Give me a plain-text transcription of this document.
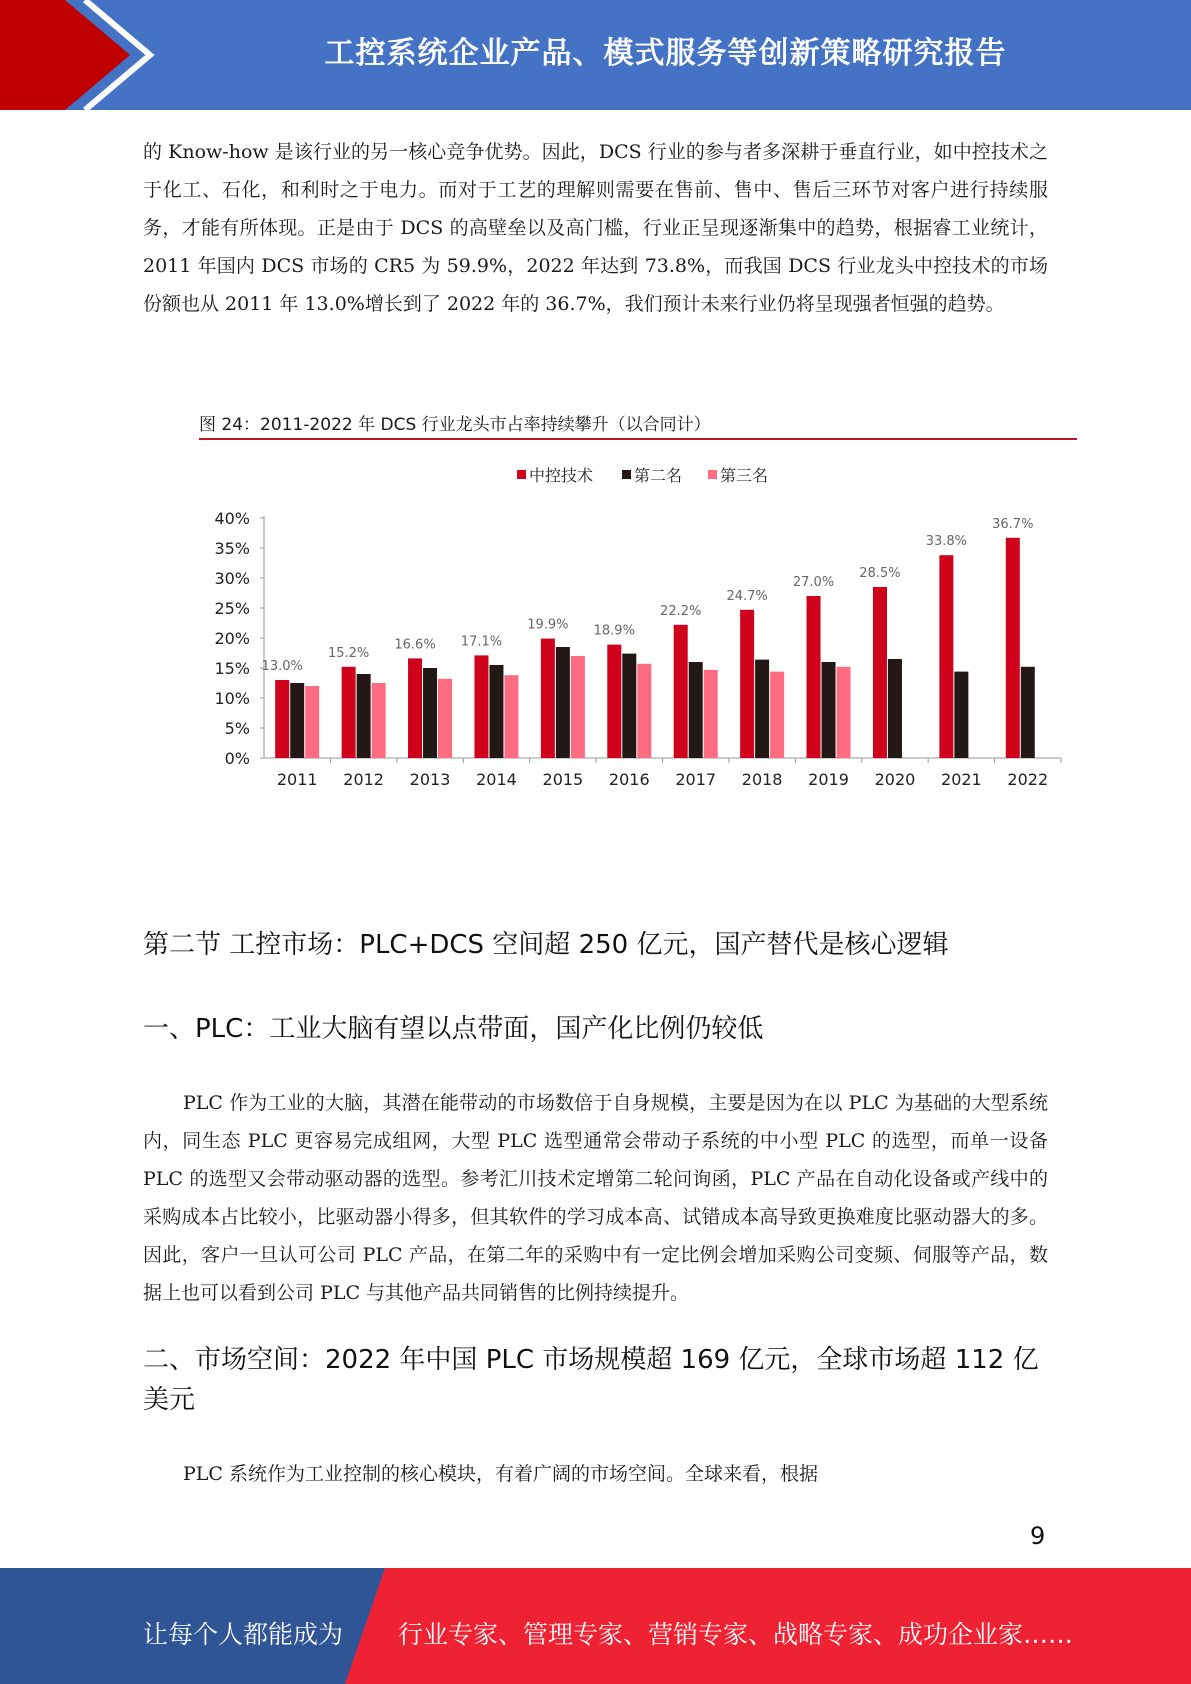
工控系统企业产品、模式服务等创新策略研究报告

的 Know-how 是该行业的另一核心竞争优势。因此，DCS 行业的参与者多深耕于垂直行业，如中控技术之于化工、石化，和利时之于电力。而对于工艺的理解则需要在售前、售中、售后三环节对客户进行持续服务，才能有所体现。正是由于 DCS 的高壁垒以及高门槛，行业正呈现逐渐集中的趋势，根据睿工业统计，2011 年国内 DCS 市场的 CR5 为 59.9%，2022 年达到 73.8%，而我国 DCS 行业龙头中控技术的市场份额也从 2011 年 13.0%增长到了 2022 年的 36.7%，我们预计未来行业仍将呈现强者恒强的趋势。

图 24：2011-2022 年 DCS 行业龙头市占率持续攀升（以合同计）
中控技术	第二名 第三名
0%
5%
10%
15%
20%
25%
30%
35%
40%
13.0%
2011
15.2%
2012
16.6%
2013
17.1%
2014
19.9%
2015
18.9%
2016
22.2%
2017
24.7%
2018
27.0%
2019
28.5%
2020
33.8%
2021
36.7%
2022
第二节 工控市场：PLC+DCS 空间超 250 亿元，国产替代是核心逻辑
一、PLC：工业大脑有望以点带面，国产化比例仍较低

PLC 作为工业的大脑，其潜在能带动的市场数倍于自身规模，主要是因为在以 PLC 为基础的大型系统内，同生态 PLC 更容易完成组网，大型 PLC 选型通常会带动子系统的中小型 PLC 的选型，而单一设备 PLC 的选型又会带动驱动器的选型。参考汇川技术定增第二轮问询函，PLC 产品在自动化设备或产线中的采购成本占比较小，比驱动器小得多，但其软件的学习成本高、试错成本高导致更换难度比驱动器大的多。因此，客户一旦认可公司 PLC 产品，在第二年的采购中有一定比例会增加采购公司变频、伺服等产品，数据上也可以看到公司 PLC 与其他产品共同销售的比例持续提升。

二、市场空间：2022 年中国 PLC 市场规模超 169 亿元，全球市场超 112 亿美元

PLC 系统作为工业控制的核心模块，有着广阔的市场空间。全球来看，根据

9
让每个人都能成为 行业专家、管理专家、营销专家、战略专家、成功企业家……
